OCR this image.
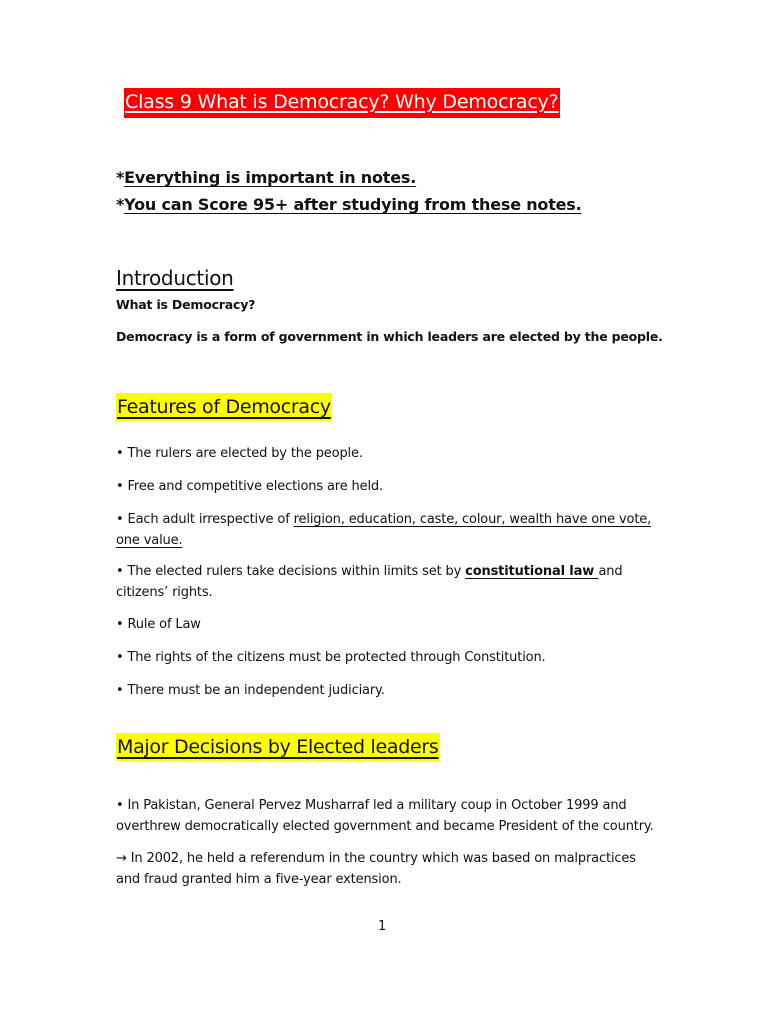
Class 9 What is Democracy? Why Democracy?
*Everything is important in notes.
*You can Score 95+ after studying from these notes.
Introduction
What is Democracy?
Democracy is a form of government in which leaders are elected by the people.
Features of Democracy
• The rulers are elected by the people.
• Free and competitive elections are held.
• Each adult irrespective of religion, education, caste, colour, wealth have one vote, one value.
• The elected rulers take decisions within limits set by constitutional law and citizens’ rights.
• Rule of Law
• The rights of the citizens must be protected through Constitution.
• There must be an independent judiciary.
Major Decisions by Elected leaders
• In Pakistan, General Pervez Musharraf led a military coup in October 1999 and overthrew democratically elected government and became President of the country.
→ In 2002, he held a referendum in the country which was based on malpractices and fraud granted him a five-year extension.
1
